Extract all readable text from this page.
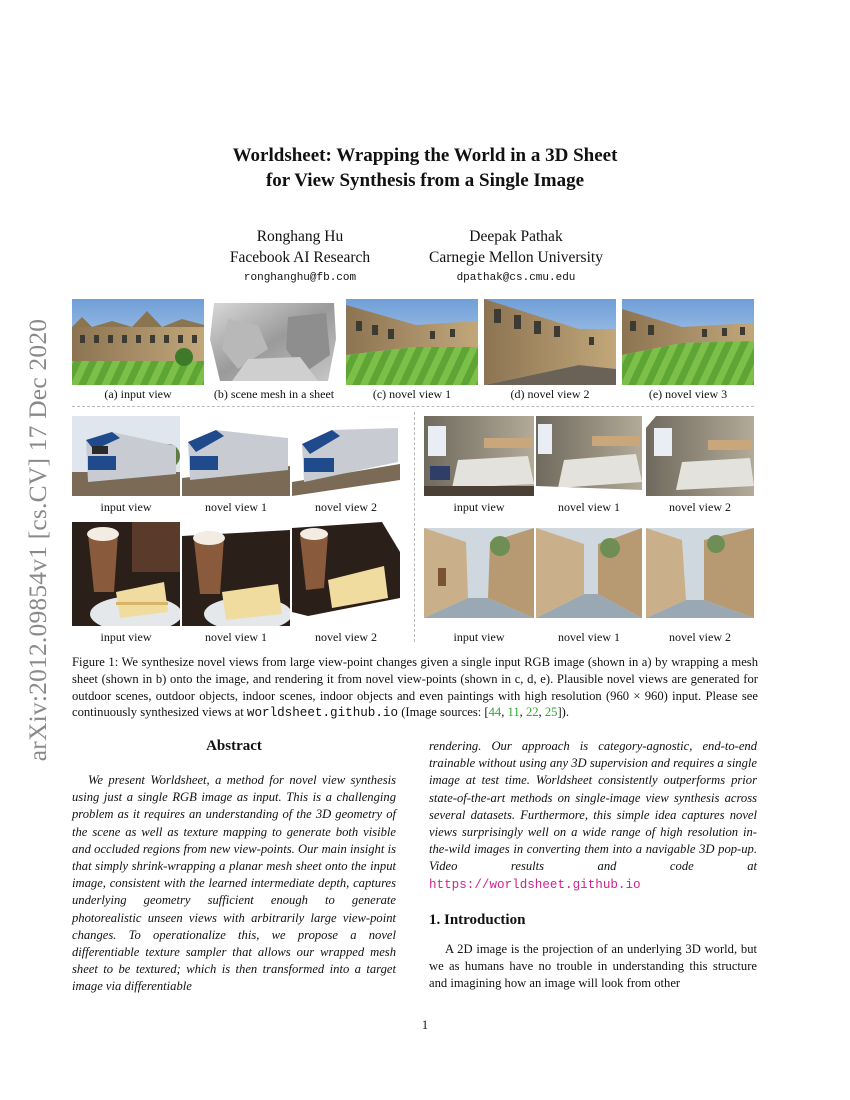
arXiv:2012.09854v1 [cs.CV] 17 Dec 2020
Worldsheet: Wrapping the World in a 3D Sheet
for View Synthesis from a Single Image
Ronghang Hu
Facebook AI Research
ronghanghu@fb.com
Deepak Pathak
Carnegie Mellon University
dpathak@cs.cmu.edu
(a) input view	(b) scene mesh in a sheet	(c) novel view 1	(d) novel view 2	(e) novel view 3
input view	novel view 1	novel view 2	input view	novel view 1	novel view 2
input view	novel view 1	novel view 2	input view	novel view 1	novel view 2
Figure 1: We synthesize novel views from large view-point changes given a single input RGB image (shown in a) by wrapping a mesh sheet (shown in b) onto the image, and rendering it from novel view-points (shown in c, d, e). Plausible novel views are generated for outdoor scenes, outdoor objects, indoor scenes, indoor objects and even paintings with high resolution (960 × 960) input. Please see continuously synthesized views at worldsheet.github.io (Image sources: [44, 11, 22, 25]).
Abstract
We present Worldsheet, a method for novel view synthesis using just a single RGB image as input. This is a challenging problem as it requires an understanding of the 3D geometry of the scene as well as texture mapping to generate both visible and occluded regions from new view-points. Our main insight is that simply shrink-wrapping a planar mesh sheet onto the input image, consistent with the learned intermediate depth, captures underlying geometry sufficient enough to generate photorealistic unseen views with arbitrarily large view-point changes. To operationalize this, we propose a novel differentiable texture sampler that allows our wrapped mesh sheet to be textured; which is then transformed into a target image via differentiable
rendering. Our approach is category-agnostic, end-to-end trainable without using any 3D supervision and requires a single image at test time. Worldsheet consistently outperforms prior state-of-the-art methods on single-image view synthesis across several datasets. Furthermore, this simple idea captures novel views surprisingly well on a wide range of high resolution in-the-wild images in converting them into a navigable 3D pop-up. Video results and code at https://worldsheet.github.io
1. Introduction
A 2D image is the projection of an underlying 3D world, but we as humans have no trouble in understanding this structure and imagining how an image will look from other
1
